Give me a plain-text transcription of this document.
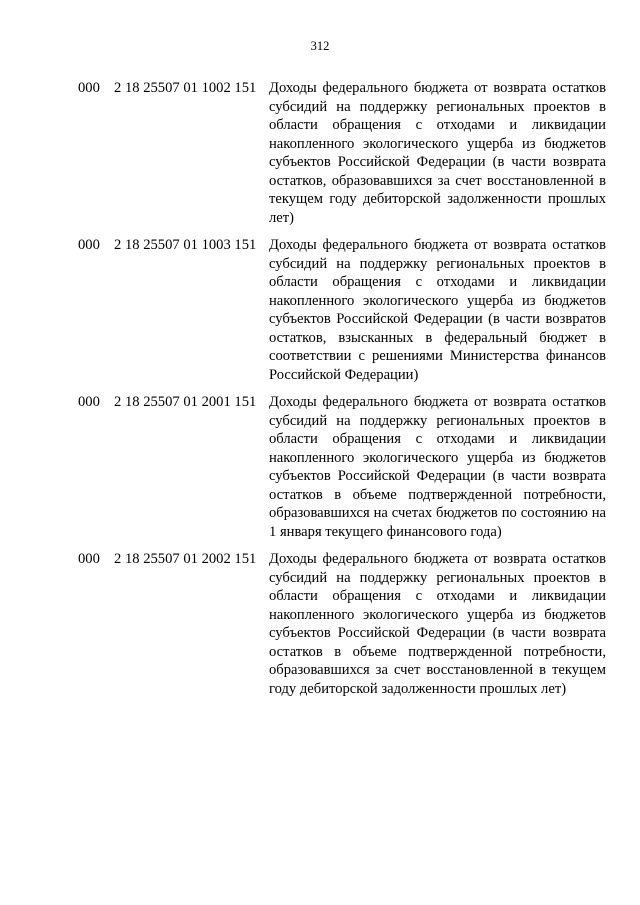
312
000 2 18 25507 01 1002 151 Доходы федерального бюджета от возврата остатков субсидий на поддержку региональных проектов в области обращения с отходами и ликвидации накопленного экологического ущерба из бюджетов субъектов Российской Федерации (в части возврата остатков, образовавшихся за счет восстановленной в текущем году дебиторской задолженности прошлых лет)
000 2 18 25507 01 1003 151 Доходы федерального бюджета от возврата остатков субсидий на поддержку региональных проектов в области обращения с отходами и ликвидации накопленного экологического ущерба из бюджетов субъектов Российской Федерации (в части возвратов остатков, взысканных в федеральный бюджет в соответствии с решениями Министерства финансов Российской Федерации)
000 2 18 25507 01 2001 151 Доходы федерального бюджета от возврата остатков субсидий на поддержку региональных проектов в области обращения с отходами и ликвидации накопленного экологического ущерба из бюджетов субъектов Российской Федерации (в части возврата остатков в объеме подтвержденной потребности, образовавшихся на счетах бюджетов по состоянию на 1 января текущего финансового года)
000 2 18 25507 01 2002 151 Доходы федерального бюджета от возврата остатков субсидий на поддержку региональных проектов в области обращения с отходами и ликвидации накопленного экологического ущерба из бюджетов субъектов Российской Федерации (в части возврата остатков в объеме подтвержденной потребности, образовавшихся за счет восстановленной в текущем году дебиторской задолженности прошлых лет)
